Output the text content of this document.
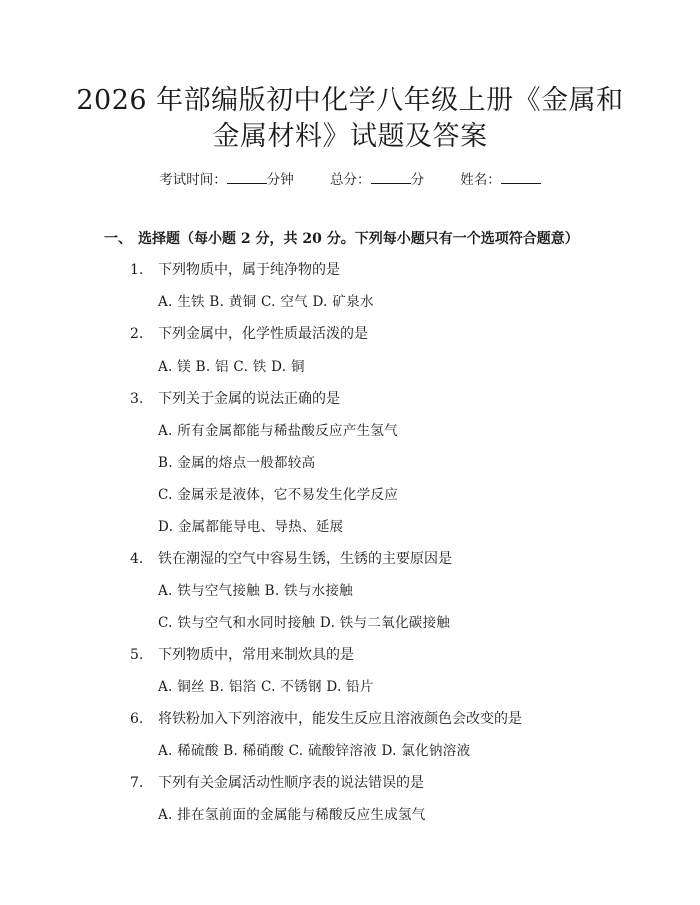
2026 年部编版初中化学八年级上册《金属和
金属材料》试题及答案
考试时间：	分钟	总分：	分	姓名：
一、 选择题（每小题 2 分，共 20 分。下列每小题只有一个选项符合题意）
1. 下列物质中，属于纯净物的是
A. 生铁 B. 黄铜 C. 空气 D. 矿泉水
2. 下列金属中，化学性质最活泼的是
A. 镁 B. 铝 C. 铁 D. 铜
3. 下列关于金属的说法正确的是
A. 所有金属都能与稀盐酸反应产生氢气
B. 金属的熔点一般都较高
C. 金属汞是液体，它不易发生化学反应
D. 金属都能导电、导热、延展
4. 铁在潮湿的空气中容易生锈，生锈的主要原因是
A. 铁与空气接触 B. 铁与水接触
C. 铁与空气和水同时接触 D. 铁与二氧化碳接触
5. 下列物质中，常用来制炊具的是
A. 铜丝 B. 铝箔 C. 不锈钢 D. 铅片
6. 将铁粉加入下列溶液中，能发生反应且溶液颜色会改变的是
A. 稀硫酸 B. 稀硝酸 C. 硫酸锌溶液 D. 氯化钠溶液
7. 下列有关金属活动性顺序表的说法错误的是
A. 排在氢前面的金属能与稀酸反应生成氢气
